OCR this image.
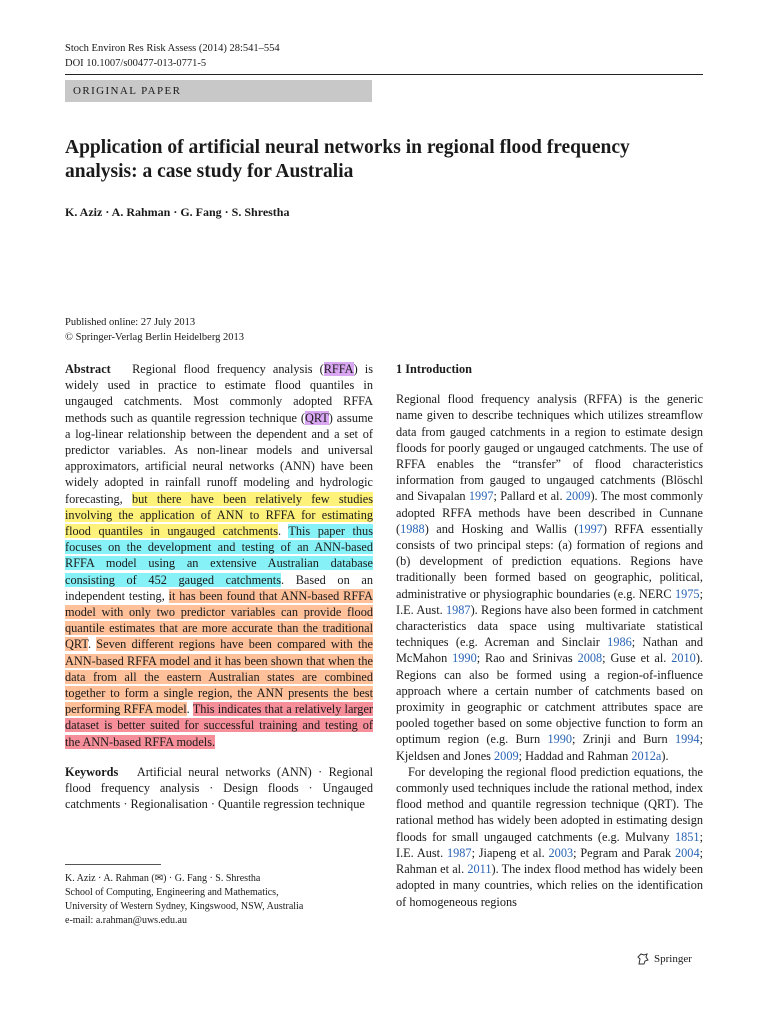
Stoch Environ Res Risk Assess (2014) 28:541–554
DOI 10.1007/s00477-013-0771-5
ORIGINAL PAPER
Application of artificial neural networks in regional flood frequency analysis: a case study for Australia
K. Aziz · A. Rahman · G. Fang · S. Shrestha
Published online: 27 July 2013
© Springer-Verlag Berlin Heidelberg 2013

Abstract Regional flood frequency analysis (RFFA) is widely used in practice to estimate flood quantiles in ungauged catchments. Most commonly adopted RFFA methods such as quantile regression technique (QRT) assume a log-linear relationship between the dependent and a set of predictor variables. As non-linear models and universal approximators, artificial neural networks (ANN) have been widely adopted in rainfall runoff modeling and hydrologic forecasting, but there have been relatively few studies involving the application of ANN to RFFA for estimating flood quantiles in ungauged catchments. This paper thus focuses on the development and testing of an ANN-based RFFA model using an extensive Australian database consisting of 452 gauged catchments. Based on an independent testing, it has been found that ANN-based RFFA model with only two predictor variables can provide flood quantile estimates that are more accurate than the traditional QRT. Seven different regions have been compared with the ANN-based RFFA model and it has been shown that when the data from all the eastern Australian states are combined together to form a single region, the ANN presents the best performing RFFA model. This indicates that a relatively larger dataset is better suited for successful training and testing of the ANN-based RFFA models.

Keywords Artificial neural networks (ANN) · Regional flood frequency analysis · Design floods · Ungauged catchments · Regionalisation · Quantile regression technique

K. Aziz · A. Rahman (✉) · G. Fang · S. Shrestha
School of Computing, Engineering and Mathematics,
University of Western Sydney, Kingswood, NSW, Australia
e-mail: a.rahman@uws.edu.au

1 Introduction

Regional flood frequency analysis (RFFA) is the generic name given to describe techniques which utilizes streamflow data from gauged catchments in a region to estimate design floods for poorly gauged or ungauged catchments. The use of RFFA enables the “transfer” of flood characteristics information from gauged to ungauged catchments (Blöschl and Sivapalan 1997; Pallard et al. 2009). The most commonly adopted RFFA methods have been described in Cunnane (1988) and Hosking and Wallis (1997) RFFA essentially consists of two principal steps: (a) formation of regions and (b) development of prediction equations. Regions have traditionally been formed based on geographic, political, administrative or physiographic boundaries (e.g. NERC 1975; I.E. Aust. 1987). Regions have also been formed in catchment characteristics data space using multivariate statistical techniques (e.g. Acreman and Sinclair 1986; Nathan and McMahon 1990; Rao and Srinivas 2008; Guse et al. 2010). Regions can also be formed using a region-of-influence approach where a certain number of catchments based on proximity in geographic or catchment attributes space are pooled together based on some objective function to form an optimum region (e.g. Burn 1990; Zrinji and Burn 1994; Kjeldsen and Jones 2009; Haddad and Rahman 2012a).

For developing the regional flood prediction equations, the commonly used techniques include the rational method, index flood method and quantile regression technique (QRT). The rational method has widely been adopted in estimating design floods for small ungauged catchments (e.g. Mulvany 1851; I.E. Aust. 1987; Jiapeng et al. 2003; Pegram and Parak 2004; Rahman et al. 2011). The index flood method has widely been adopted in many countries, which relies on the identification of homogeneous regions

Springer
